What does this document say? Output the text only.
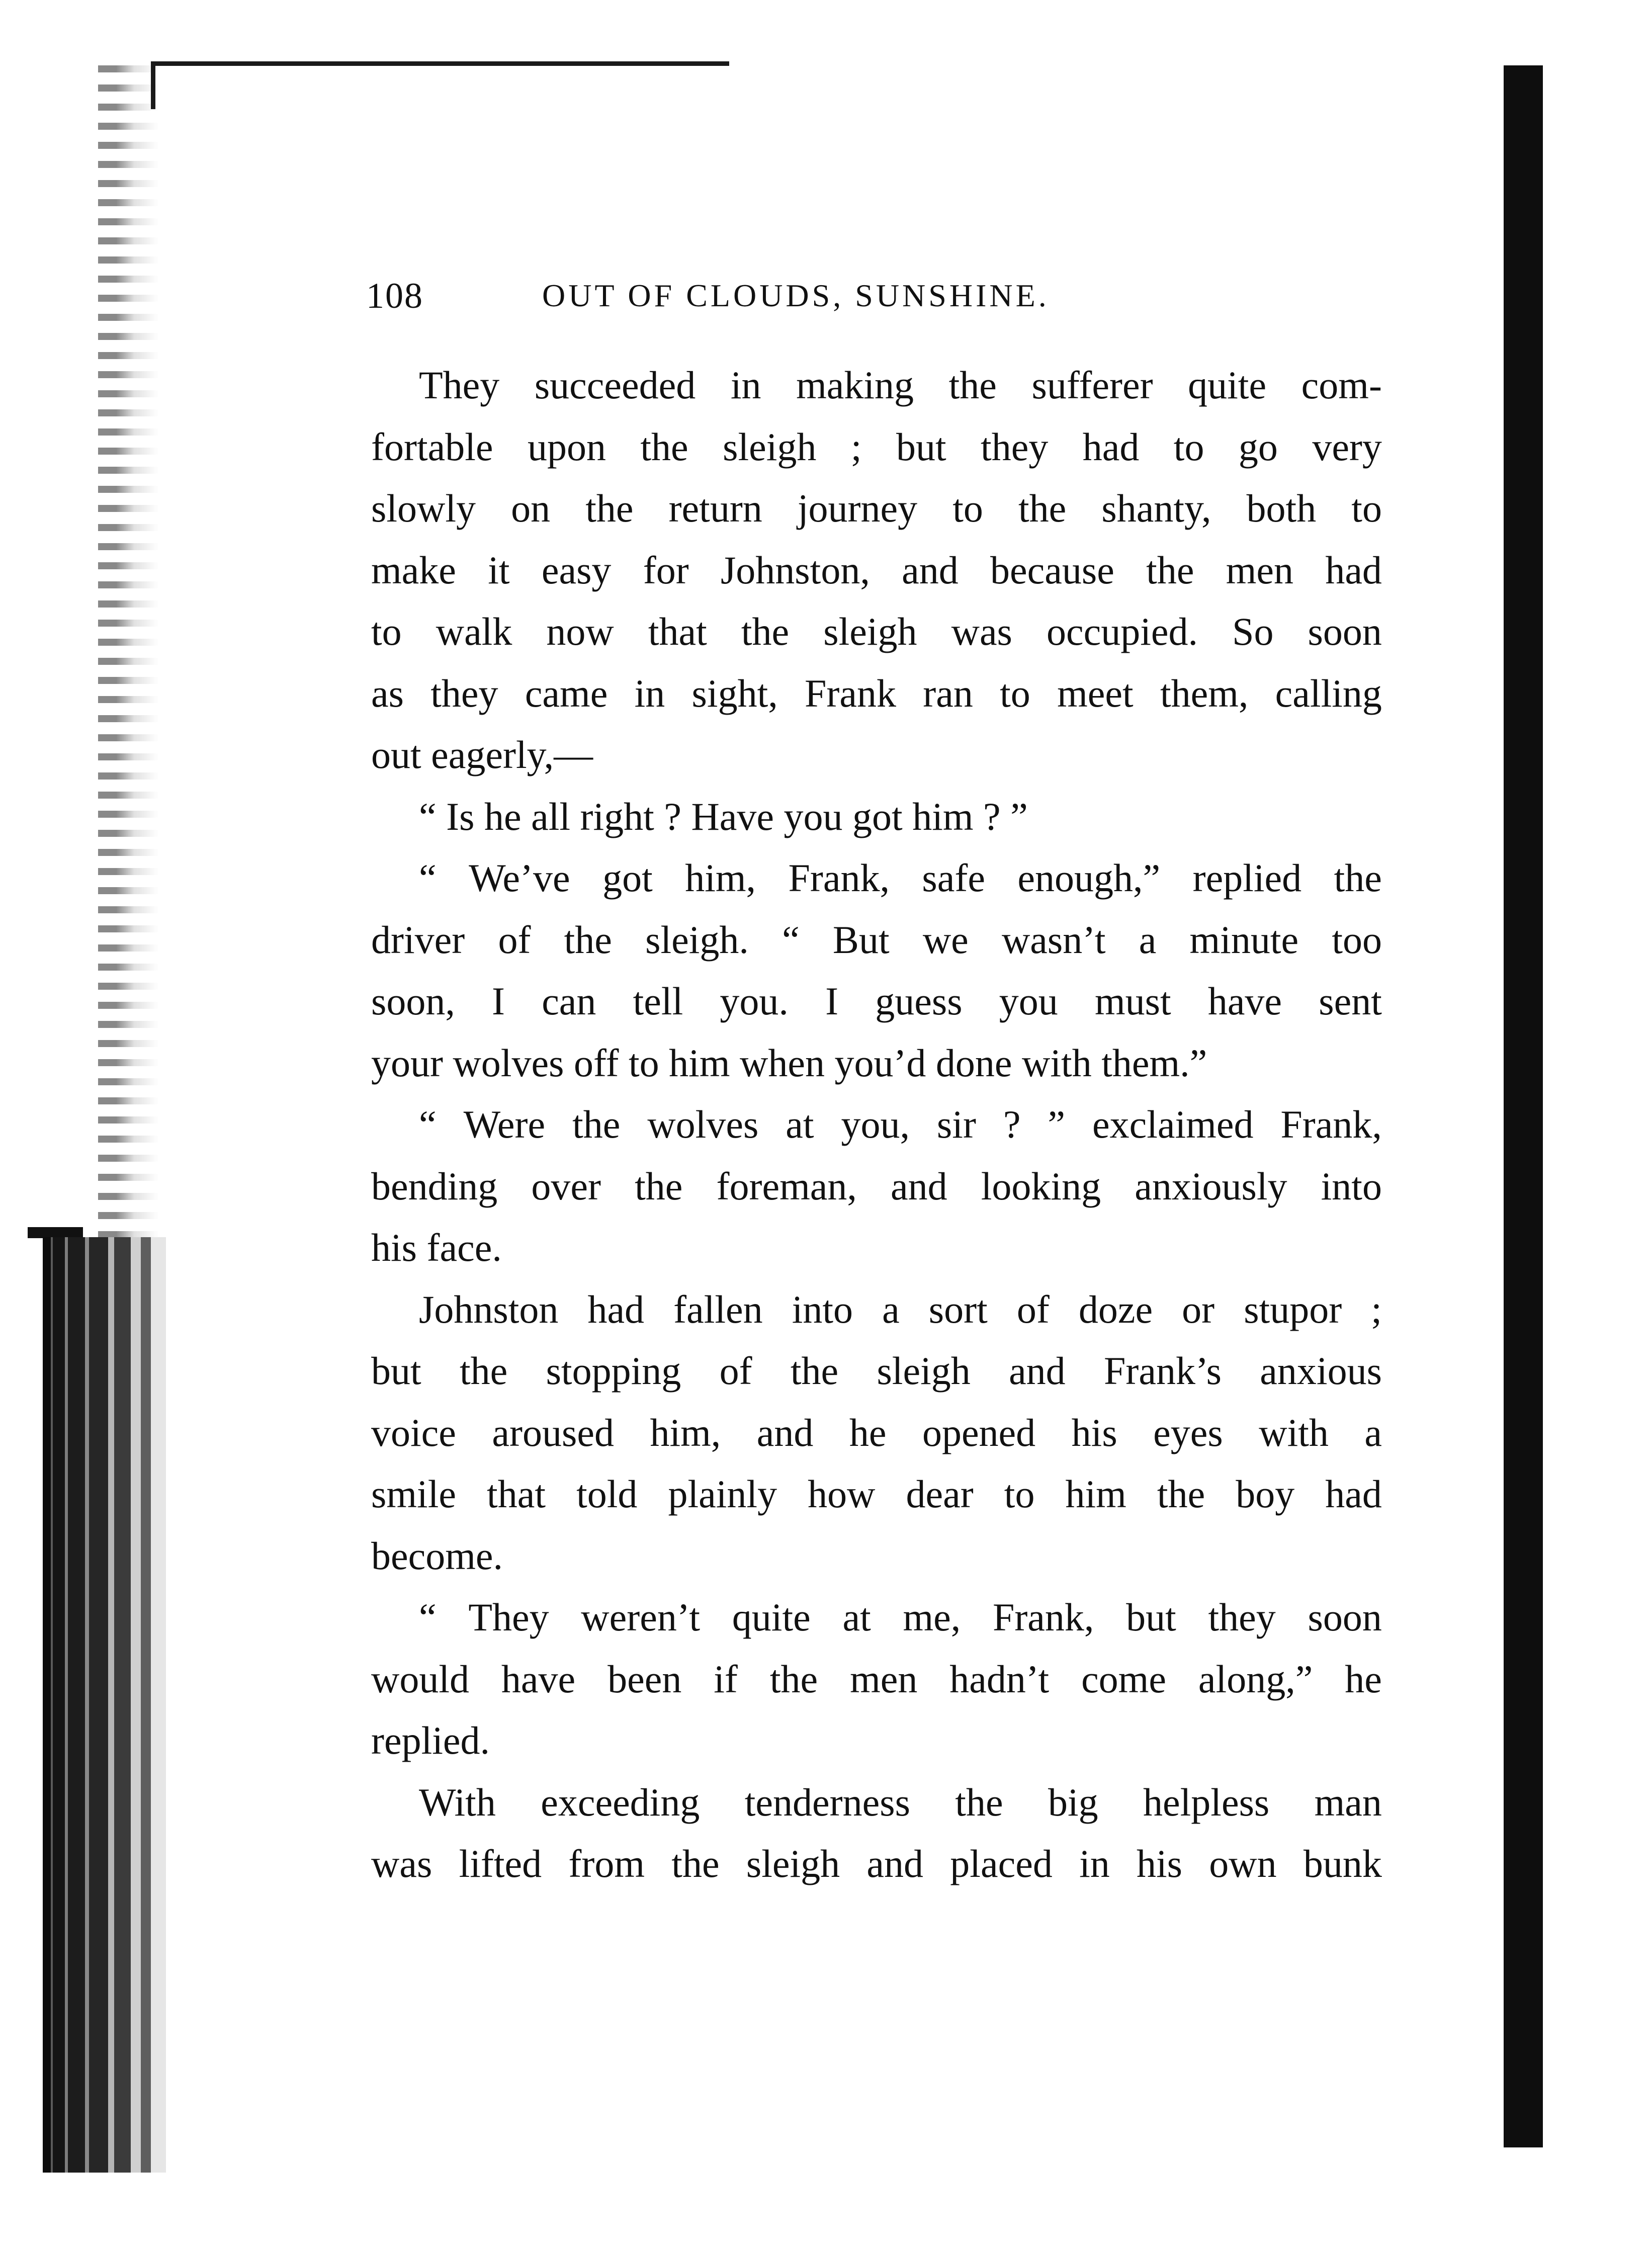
108	OUT OF CLOUDS, SUNSHINE.
They succeeded in making the sufferer quite com-
fortable upon the sleigh ; but they had to go very
slowly on the return journey to the shanty, both to
make it easy for Johnston, and because the men had
to walk now that the sleigh was occupied. So soon
as they came in sight, Frank ran to meet them, calling
out eagerly,—
“ Is he all right ? Have you got him ? ”
“ We’ve got him, Frank, safe enough,” replied the
driver of the sleigh. “ But we wasn’t a minute too
soon, I can tell you. I guess you must have sent
your wolves off to him when you’d done with them.”
“ Were the wolves at you, sir ? ” exclaimed Frank,
bending over the foreman, and looking anxiously into
his face.
Johnston had fallen into a sort of doze or stupor ;
but the stopping of the sleigh and Frank’s anxious
voice aroused him, and he opened his eyes with a
smile that told plainly how dear to him the boy had
become.
“ They weren’t quite at me, Frank, but they soon
would have been if the men hadn’t come along,” he
replied.
With exceeding tenderness the big helpless man
was lifted from the sleigh and placed in his own bunk
